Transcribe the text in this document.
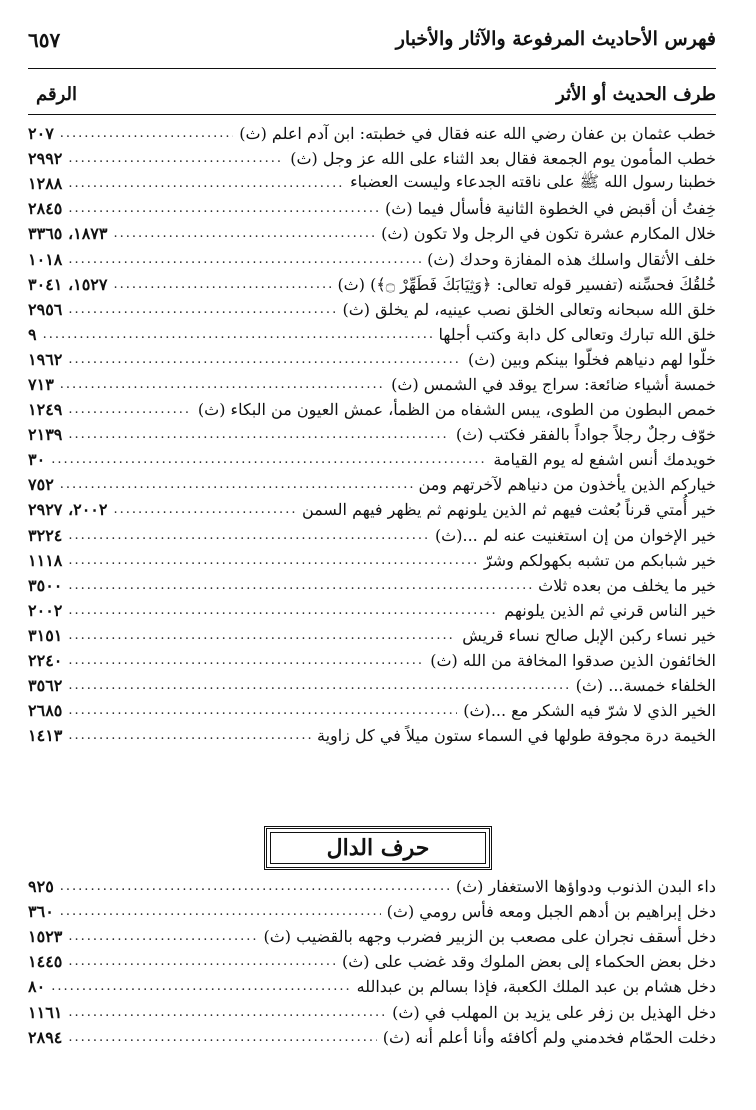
فهرس الأحاديث المرفوعة والآثار والأخبار
٦٥٧
طرف الحديث أو الأثر
الرقم
خطب عثمان بن عفان رضي الله عنه فقال في خطبته: ابن آدم اعلم (ث)
.....
٢٠٧
خطب المأمون يوم الجمعة فقال بعد الثناء على الله عز وجل (ث)
.....
٢٩٩٢
خطبنا رسول الله ﷺ على ناقته الجدعاء وليست العضباء
.....
١٢٨٨
خِفتُ أن أقبض في الخطوة الثانية فأسأل فيما (ث)
.....
٢٨٤٥
خلال المكارم عشرة تكون في الرجل ولا تكون (ث)
.....
١٨٧٣، ٣٣٦٥
خلف الأثقال واسلك هذه المفازة وحدك (ث)
.....
١٠١٨
خُلقُكَ فحسِّنه (تفسير قوله تعالى: ﴿وَثِيَابَكَ فَطَهِّرْ ۝﴾) (ث)
.....
١٥٢٧، ٣٠٤١
خلق الله سبحانه وتعالى الخلق نصب عينيه، لم يخلق (ث)
.....
٢٩٥٦
خلق الله تبارك وتعالى كل دابة وكتب أجلها
.....
٩
خلّوا لهم دنياهم فخلّوا بينكم وبين (ث)
.....
١٩٦٢
خمسة أشياء ضائعة: سراج يوقد في الشمس (ث)
.....
٧١٣
خمص البطون من الطوى، يبس الشفاه من الظمأ، عمش العيون من البكاء (ث)
.....
١٢٤٩
خوّف رجلٌ رجلاً جواداً بالفقر فكتب (ث)
.....
٢١٣٩
خويدمك أنس اشفع له يوم القيامة
.....
٣٠
خياركم الذين يأخذون من دنياهم لآخرتهم ومن
.....
٧٥٢
خير أُمتي قرناً بُعثت فيهم ثم الذين يلونهم ثم يظهر فيهم السمن
.....
٢٠٠٢، ٢٩٢٧
خير الإخوان من إن استغنيت عنه لم ...(ث)
.....
٣٢٢٤
خير شبابكم من تشبه بكهولكم وشرّ
.....
١١١٨
خير ما يخلف من بعده ثلاث
.....
٣٥٠٠
خير الناس قرني ثم الذين يلونهم
.....
٢٠٠٢
خير نساء ركبن الإبل صالح نساء قريش
.....
٣١٥١
الخائفون الذين صدقوا المخافة من الله (ث)
.....
٢٢٤٠
الخلفاء خمسة... (ث)
.....
٣٥٦٢
الخير الذي لا شرّ فيه الشكر مع ...(ث)
.....
٢٦٨٥
الخيمة درة مجوفة طولها في السماء ستون ميلاً في كل زاوية
.....
١٤١٣
حرف الدال
داء البدن الذنوب ودواؤها الاستغفار (ث)
.....
٩٢٥
دخل إبراهيم بن أدهم الجبل ومعه فأس رومي (ث)
.....
٣٦٠
دخل أسقف نجران على مصعب بن الزبير فضرب وجهه بالقضيب (ث)
.....
١٥٢٣
دخل بعض الحكماء إلى بعض الملوك وقد غضب على (ث)
.....
١٤٤٥
دخل هشام بن عبد الملك الكعبة، فإذا بسالم بن عبدالله
.....
٨٠
دخل الهذيل بن زفر على يزيد بن المهلب في (ث)
.....
١١٦١
دخلت الحمّام فخدمني ولم أكافئه وأنا أعلم أنه (ث)
.....
٢٨٩٤
